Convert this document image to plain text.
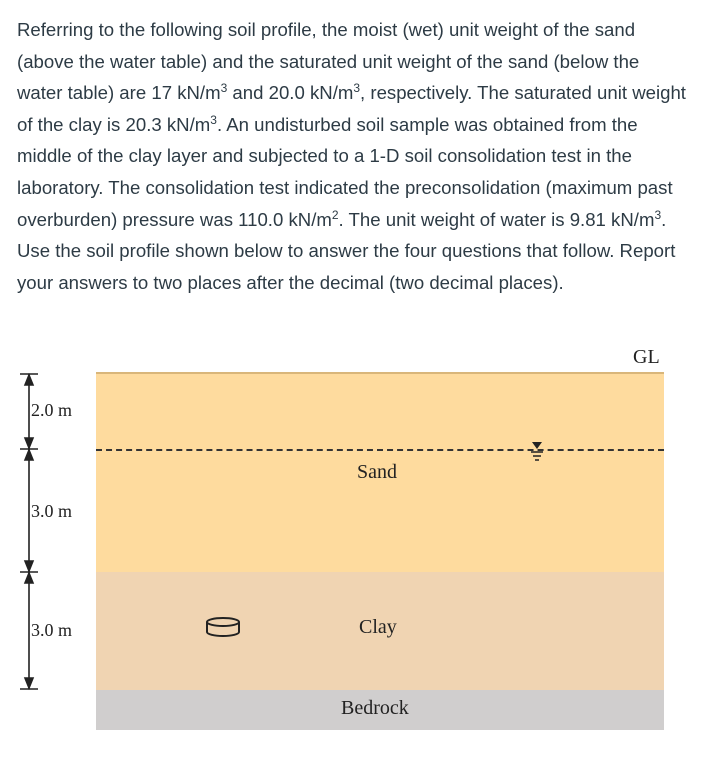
Referring to the following soil profile, the moist (wet) unit weight of the sand (above the water table) and the saturated unit weight of the sand (below the water table) are 17 $kN/m^3$ and 20.0 $kN/m^3$, respectively. The saturated unit weight of the clay is 20.3 $kN/m^3$. An undisturbed soil sample was obtained from the middle of the clay layer and subjected to a 1-D soil consolidation test in the laboratory. The consolidation test indicated the preconsolidation (maximum past overburden) pressure was 110.0 $kN/m^2$. The unit weight of water is 9.81 $kN/m^3$. Use the soil profile shown below to answer the four questions that follow. Report your answers to two places after the decimal (two decimal places).

GL
Sand
Clay
Bedrock
2.0 m
3.0 m
3.0 m
